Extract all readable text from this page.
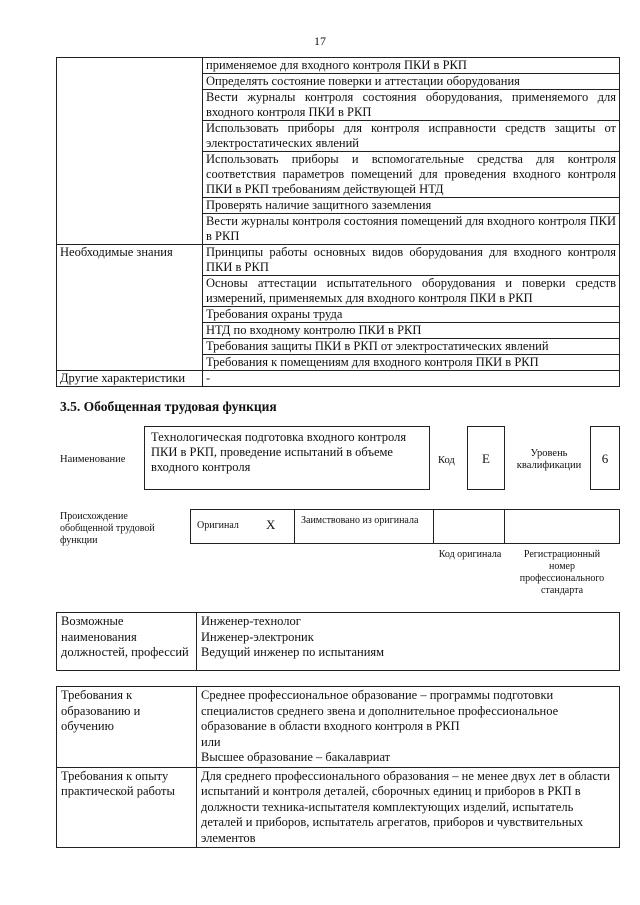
17
	применяемое для входного контроля ПКИ в РКП
	Определять состояние поверки и аттестации оборудования
	Вести журналы контроля состояния оборудования, применяемого для входного контроля ПКИ в РКП
	Использовать приборы для контроля исправности средств защиты от электростатических явлений
	Использовать приборы и вспомогательные средства для контроля соответствия параметров помещений для проведения входного контроля ПКИ в РКП требованиям действующей НТД
	Проверять наличие защитного заземления
	Вести журналы контроля состояния помещений для входного контроля ПКИ в РКП
Необходимые знания	Принципы работы основных видов оборудования для входного контроля ПКИ в РКП
	Основы аттестации испытательного оборудования и поверки средств измерений, применяемых для входного контроля ПКИ в РКП
	Требования охраны труда
	НТД по входному контролю ПКИ в РКП
	Требования защиты ПКИ в РКП от электростатических явлений
	Требования к помещениям для входного контроля ПКИ в РКП
Другие характеристики	-
3.5. Обобщенная трудовая функция
Наименование
Технологическая подготовка входного контроля ПКИ в РКП, проведение испытаний в объеме входного контроля	Код	E	Уровень квалификации	6
Происхождение обобщенной трудовой функции
Оригинал X	Заимствовано из оригинала
Код оригинала	Регистрационный номер профессионального стандарта
Возможные наименования должностей, профессий	
Инженер-технолог
Инженер-электроник
Ведущий инженер по испытаниям
Требования к образованию и обучению	Среднее профессиональное образование – программы подготовки специалистов среднего звена и дополнительное профессиональное образование в области входного контроля в РКП
или
Высшее образование – бакалавриат

Требования к опыту практической работы	Для среднего профессионального образования – не менее двух лет в области испытаний и контроля деталей, сборочных единиц и приборов в РКП в должности техника-испытателя комплектующих изделий, испытатель деталей и приборов, испытатель агрегатов, приборов и чувствительных элементов
